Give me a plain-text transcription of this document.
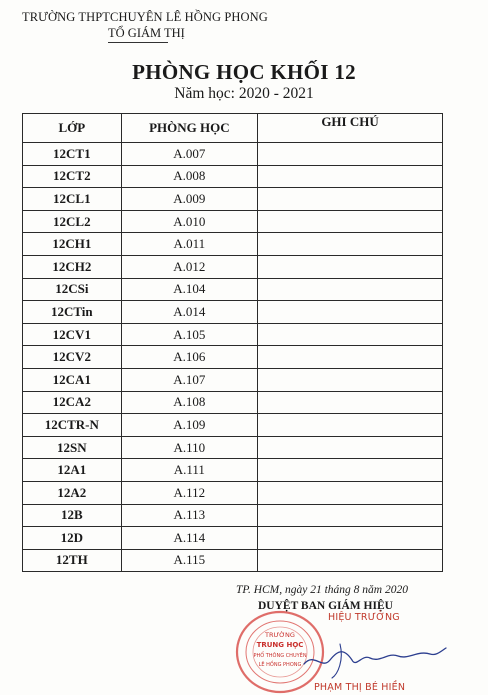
TRƯỜNG THPTCHUYÊN LÊ HỒNG PHONG
TỔ GIÁM THỊ
PHÒNG HỌC KHỐI 12
Năm học: 2020 - 2021
LỚP	PHÒNG HỌC	GHI CHÚ
12CT1	A.007	
12CT2	A.008	
12CL1	A.009	
12CL2	A.010	
12CH1	A.011	
12CH2	A.012	
12CSi	A.104	
12CTin	A.014	
12CV1	A.105	
12CV2	A.106	
12CA1	A.107	
12CA2	A.108	
12CTR-N	A.109	
12SN	A.110	
12A1	A.111	
12A2	A.112	
12B	A.113	
12D	A.114	
12TH	A.115	
TP. HCM, ngày 21 tháng 8 năm 2020
DUYỆT BAN GIÁM HIỆU
HIỆU TRƯỞNG
TRƯỜNG
TRUNG HỌC
PHỔ THÔNG CHUYÊN
LÊ HỒNG PHONG
PHẠM THỊ BÉ HIỀN
